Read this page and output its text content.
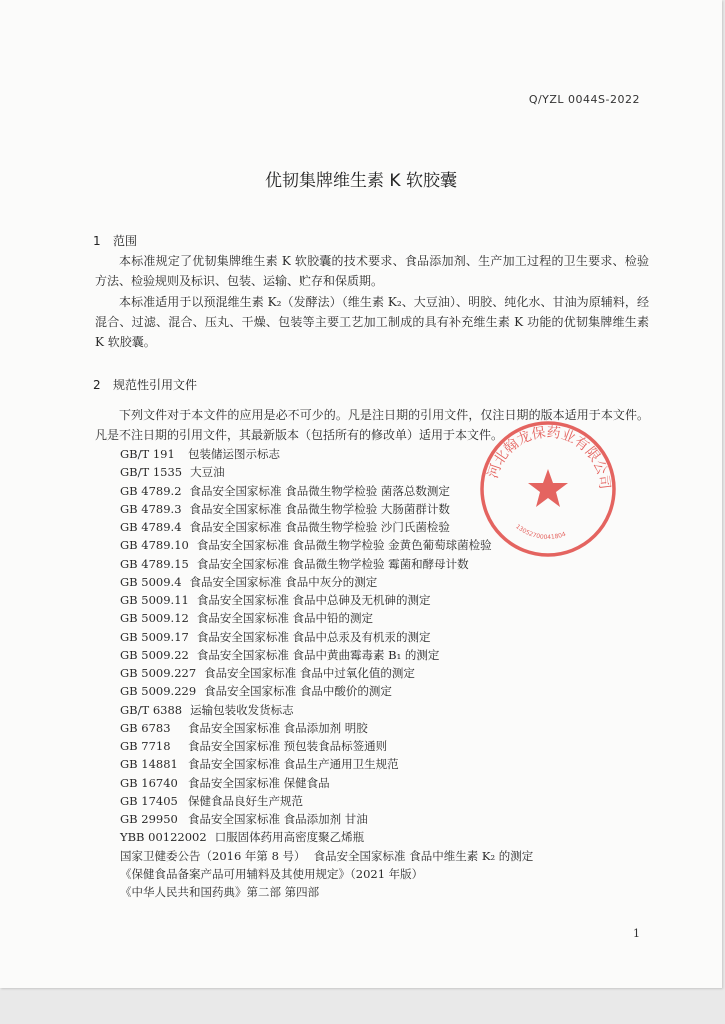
Q/YZL 0044S-2022
优韧集牌维生素 K 软胶囊
1 范围

本标准规定了优韧集牌维生素 K 软胶囊的技术要求、食品添加剂、生产加工过程的卫生要求、检验方法、检验规则及标识、包装、运输、贮存和保质期。

本标准适用于以预混维生素 K₂（发酵法）（维生素 K₂、大豆油）、明胶、纯化水、甘油为原辅料，经混合、过滤、混合、压丸、干燥、包装等主要工艺加工制成的具有补充维生素 K 功能的优韧集牌维生素 K 软胶囊。

2 规范性引用文件

下列文件对于本文件的应用是必不可少的。凡是注日期的引用文件，仅注日期的版本适用于本文件。凡是不注日期的引用文件，其最新版本（包括所有的修改单）适用于本文件。

GB/T 191 包装储运图示标志
GB/T 1535 大豆油
GB 4789.2 食品安全国家标准 食品微生物学检验 菌落总数测定
GB 4789.3 食品安全国家标准 食品微生物学检验 大肠菌群计数
GB 4789.4 食品安全国家标准 食品微生物学检验 沙门氏菌检验
GB 4789.10 食品安全国家标准 食品微生物学检验 金黄色葡萄球菌检验
GB 4789.15 食品安全国家标准 食品微生物学检验 霉菌和酵母计数
GB 5009.4 食品安全国家标准 食品中灰分的测定
GB 5009.11 食品安全国家标准 食品中总砷及无机砷的测定
GB 5009.12 食品安全国家标准 食品中铅的测定
GB 5009.17 食品安全国家标准 食品中总汞及有机汞的测定
GB 5009.22 食品安全国家标准 食品中黄曲霉毒素 B₁ 的测定
GB 5009.227 食品安全国家标准 食品中过氧化值的测定
GB 5009.229 食品安全国家标准 食品中酸价的测定
GB/T 6388 运输包装收发货标志
GB 6783 食品安全国家标准 食品添加剂 明胶
GB 7718 食品安全国家标准 预包装食品标签通则
GB 14881 食品安全国家标准 食品生产通用卫生规范
GB 16740 食品安全国家标准 保健食品
GB 17405 保健食品良好生产规范
GB 29950 食品安全国家标准 食品添加剂 甘油
YBB 00122002 口服固体药用高密度聚乙烯瓶
国家卫健委公告（2016 年第 8 号） 食品安全国家标准 食品中维生素 K₂ 的测定
《保健食品备案产品可用辅料及其使用规定》（2021 年版）
《中华人民共和国药典》第二部 第四部
1
河北翰龙保药业有限公司
13052700041804
